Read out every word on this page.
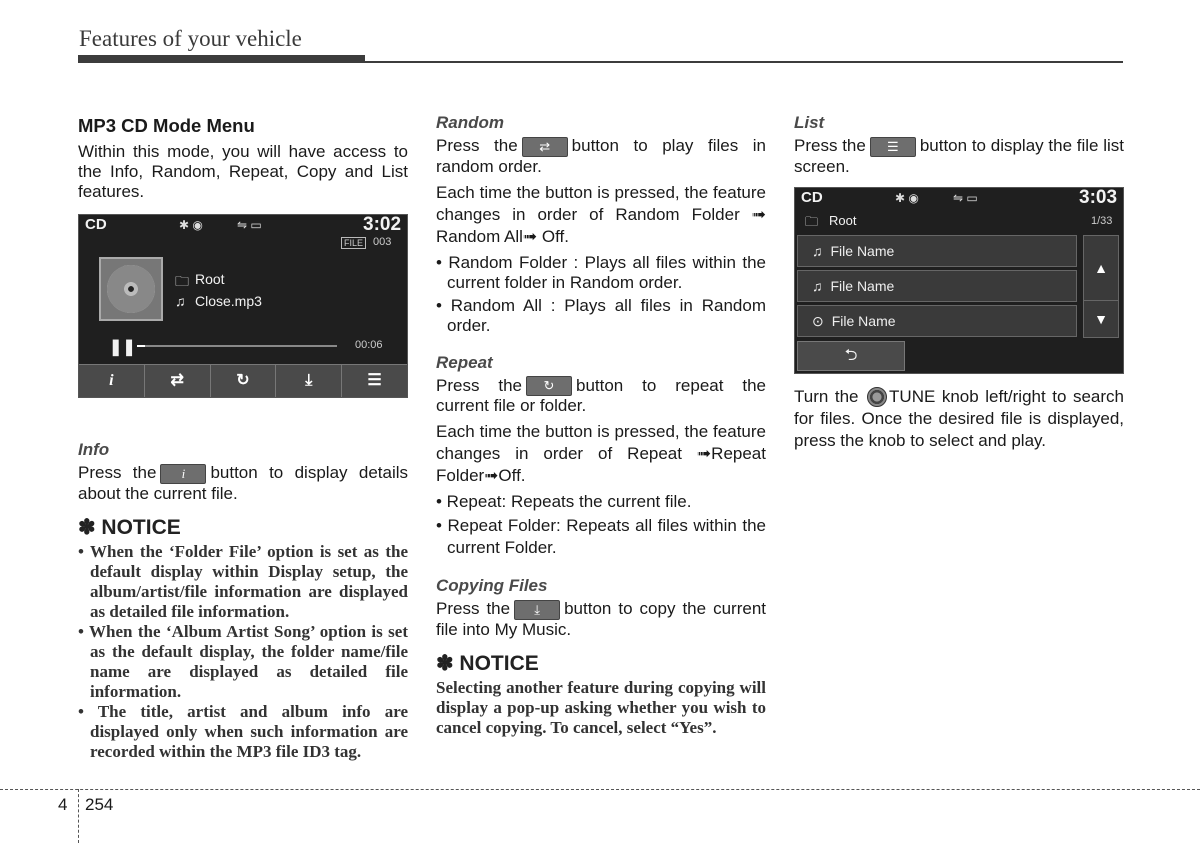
Features of your vehicle

MP3 CD Mode Menu

Within this mode, you will have access to the Info, Random, Repeat, Copy and List features.

CD	✱ ◉	⇋ ▭	3:02
FILE 003
🗀 Root
♫ Close.mp3
❚❚	00:06
i	⇄	↻	⤓	☰

Info

Press the i button to display details about the current file.

✽ NOTICE

• When the ‘Folder File’ option is set as the default display within Display setup, the album/artist/file information are displayed as detailed file information.

• When the ‘Album Artist Song’ option is set as the default display, the folder name/file name are displayed as detailed file information.

• The title, artist and album info are displayed only when such information are recorded within the MP3 file ID3 tag.

Random

Press the ⇄ button to play files in random order.

Each time the button is pressed, the feature changes in order of Random Folder ➟ Random All➟ Off.

• Random Folder : Plays all files within the current folder in Random order.

• Random All : Plays all files in Random order.

Repeat

Press the ↻ button to repeat the current file or folder.

Each time the button is pressed, the feature changes in order of Repeat ➟Repeat Folder➟Off.

• Repeat: Repeats the current file.

• Repeat Folder: Repeats all files within the current Folder.

Copying Files

Press the ⤓ button to copy the current file into My Music.

✽ NOTICE

Selecting another feature during copying will display a pop-up asking whether you wish to cancel copying. To cancel, select “Yes”.

List

Press the ☰ button to display the file list screen.

CD	✱ ◉	⇋ ▭	3:03
🗀 Root	1/33
♫ File Name
♫ File Name
⊙ File Name
▲
▼
⮌

Turn the TUNE knob left/right to search for files. Once the desired file is displayed, press the knob to select and play.

4 254
